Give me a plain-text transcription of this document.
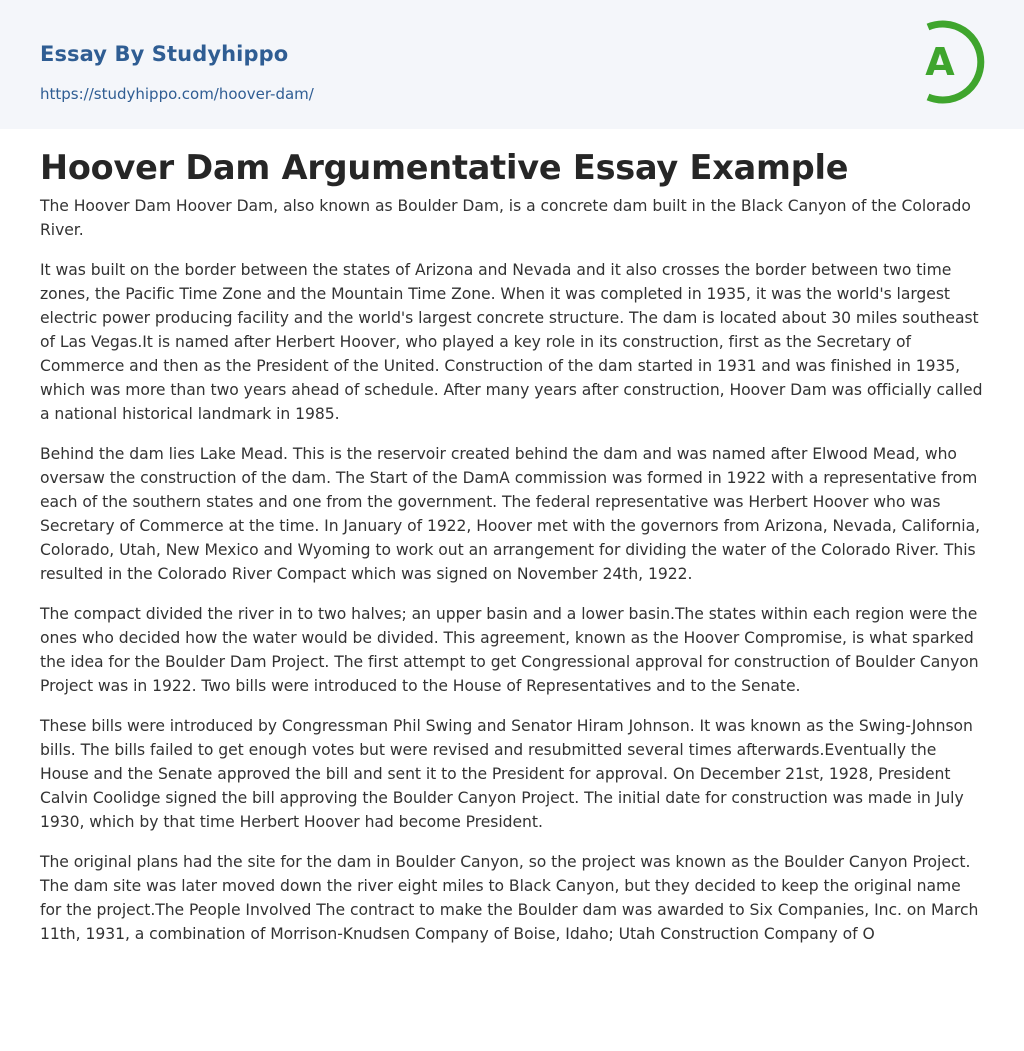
Essay By Studyhippo
https://studyhippo.com/hoover-dam/
A
Hoover Dam Argumentative Essay Example

The Hoover Dam Hoover Dam, also known as Boulder Dam, is a concrete dam built in the Black Canyon of the Colorado River.

It was built on the border between the states of Arizona and Nevada and it also crosses the border between two time zones, the Pacific Time Zone and the Mountain Time Zone. When it was completed in 1935, it was the world's largest electric power producing facility and the world's largest concrete structure. The dam is located about 30 miles southeast of Las Vegas.It is named after Herbert Hoover, who played a key role in its construction, first as the Secretary of Commerce and then as the President of the United. Construction of the dam started in 1931 and was finished in 1935, which was more than two years ahead of schedule. After many years after construction, Hoover Dam was officially called a national historical landmark in 1985.

Behind the dam lies Lake Mead. This is the reservoir created behind the dam and was named after Elwood Mead, who oversaw the construction of the dam. The Start of the DamA commission was formed in 1922 with a representative from each of the southern states and one from the government. The federal representative was Herbert Hoover who was Secretary of Commerce at the time. In January of 1922, Hoover met with the governors from Arizona, Nevada, California, Colorado, Utah, New Mexico and Wyoming to work out an arrangement for dividing the water of the Colorado River. This resulted in the Colorado River Compact which was signed on November 24th, 1922.

The compact divided the river in to two halves; an upper basin and a lower basin.The states within each region were the ones who decided how the water would be divided. This agreement, known as the Hoover Compromise, is what sparked the idea for the Boulder Dam Project. The first attempt to get Congressional approval for construction of Boulder Canyon Project was in 1922. Two bills were introduced to the House of Representatives and to the Senate.

These bills were introduced by Congressman Phil Swing and Senator Hiram Johnson. It was known as the Swing-Johnson bills. The bills failed to get enough votes but were revised and resubmitted several times afterwards.Eventually the House and the Senate approved the bill and sent it to the President for approval. On December 21st, 1928, President Calvin Coolidge signed the bill approving the Boulder Canyon Project. The initial date for construction was made in July 1930, which by that time Herbert Hoover had become President.

The original plans had the site for the dam in Boulder Canyon, so the project was known as the Boulder Canyon Project. The dam site was later moved down the river eight miles to Black Canyon, but they decided to keep the original name for the project.The People Involved The contract to make the Boulder dam was awarded to Six Companies, Inc. on March 11th, 1931, a combination of Morrison-Knudsen Company of Boise, Idaho; Utah Construction Company of O
